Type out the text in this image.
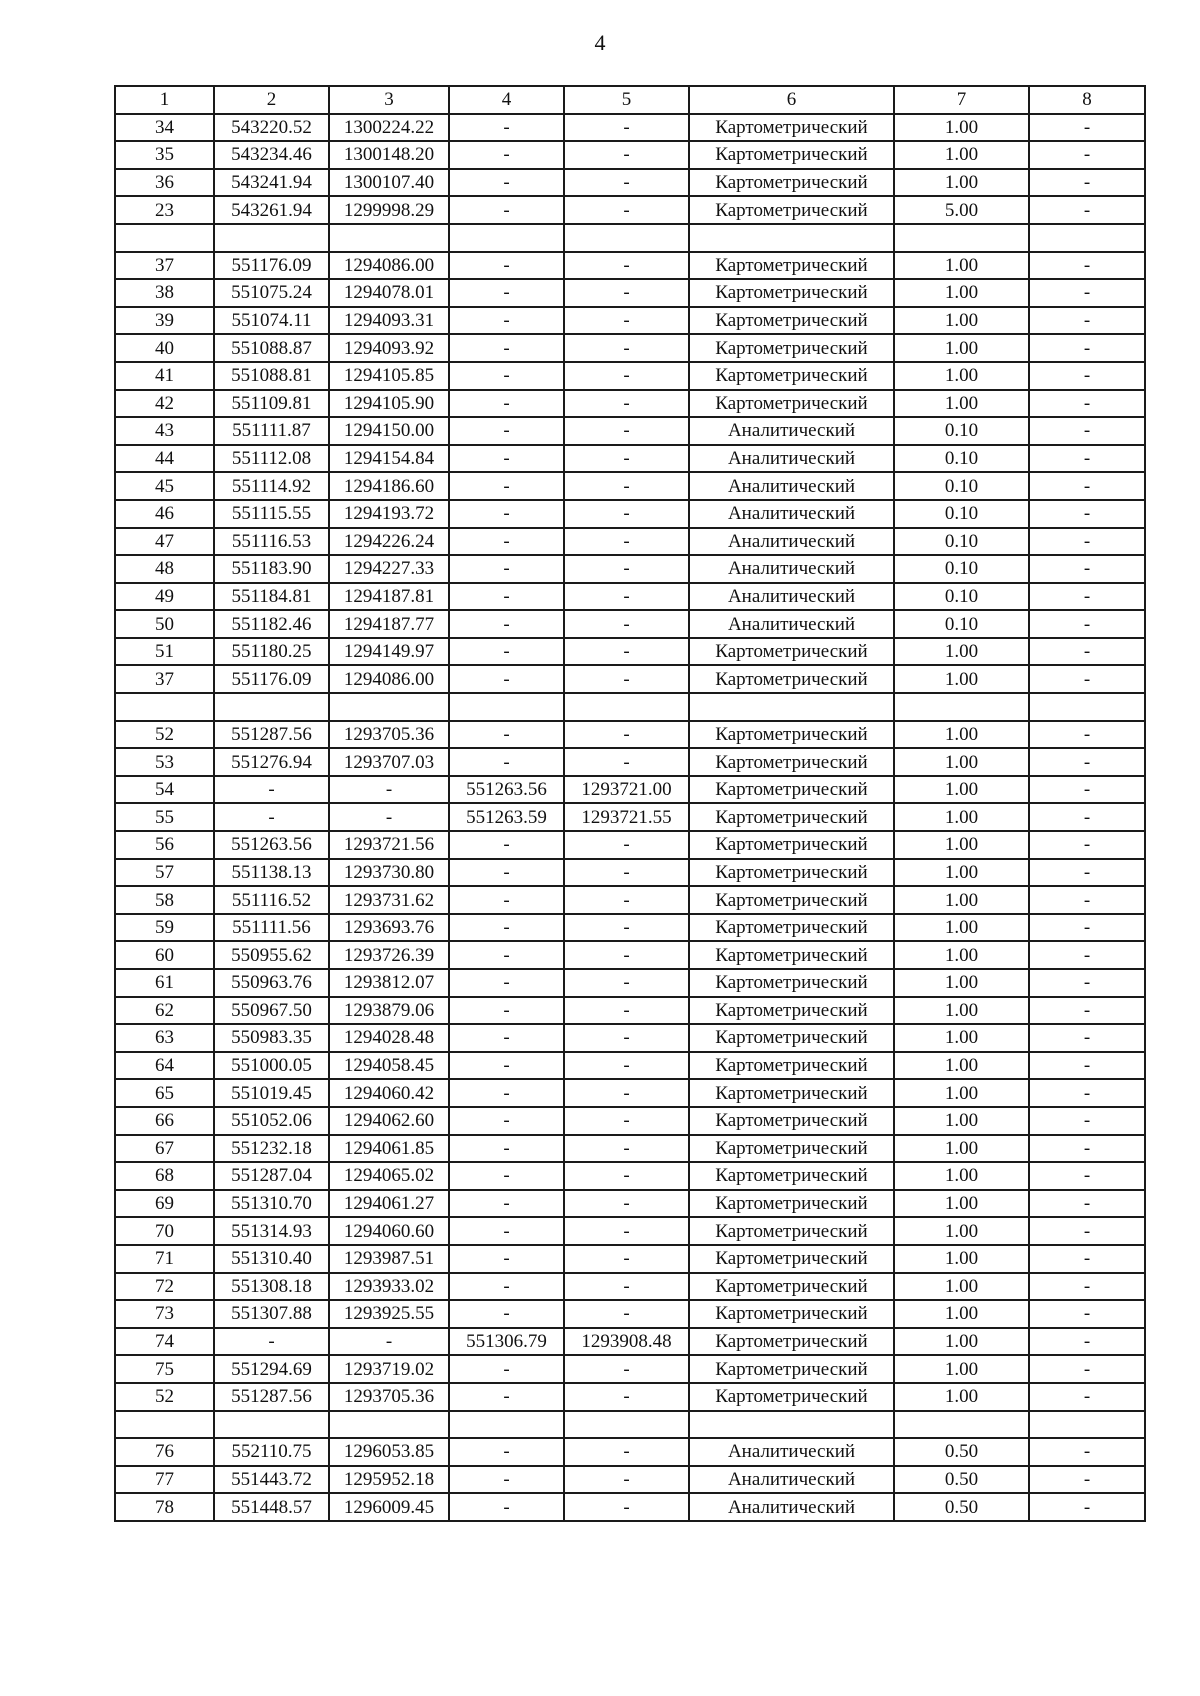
4
1	2	3	4	5	6	7	8
34	543220.52	1300224.22	-	-	Картометрический	1.00	-
35	543234.46	1300148.20	-	-	Картометрический	1.00	-
36	543241.94	1300107.40	-	-	Картометрический	1.00	-
23	543261.94	1299998.29	-	-	Картометрический	5.00	-

37	551176.09	1294086.00	-	-	Картометрический	1.00	-
38	551075.24	1294078.01	-	-	Картометрический	1.00	-
39	551074.11	1294093.31	-	-	Картометрический	1.00	-
40	551088.87	1294093.92	-	-	Картометрический	1.00	-
41	551088.81	1294105.85	-	-	Картометрический	1.00	-
42	551109.81	1294105.90	-	-	Картометрический	1.00	-
43	551111.87	1294150.00	-	-	Аналитический	0.10	-
44	551112.08	1294154.84	-	-	Аналитический	0.10	-
45	551114.92	1294186.60	-	-	Аналитический	0.10	-
46	551115.55	1294193.72	-	-	Аналитический	0.10	-
47	551116.53	1294226.24	-	-	Аналитический	0.10	-
48	551183.90	1294227.33	-	-	Аналитический	0.10	-
49	551184.81	1294187.81	-	-	Аналитический	0.10	-
50	551182.46	1294187.77	-	-	Аналитический	0.10	-
51	551180.25	1294149.97	-	-	Картометрический	1.00	-
37	551176.09	1294086.00	-	-	Картометрический	1.00	-

52	551287.56	1293705.36	-	-	Картометрический	1.00	-
53	551276.94	1293707.03	-	-	Картометрический	1.00	-
54	-	-	551263.56	1293721.00	Картометрический	1.00	-
55	-	-	551263.59	1293721.55	Картометрический	1.00	-
56	551263.56	1293721.56	-	-	Картометрический	1.00	-
57	551138.13	1293730.80	-	-	Картометрический	1.00	-
58	551116.52	1293731.62	-	-	Картометрический	1.00	-
59	551111.56	1293693.76	-	-	Картометрический	1.00	-
60	550955.62	1293726.39	-	-	Картометрический	1.00	-
61	550963.76	1293812.07	-	-	Картометрический	1.00	-
62	550967.50	1293879.06	-	-	Картометрический	1.00	-
63	550983.35	1294028.48	-	-	Картометрический	1.00	-
64	551000.05	1294058.45	-	-	Картометрический	1.00	-
65	551019.45	1294060.42	-	-	Картометрический	1.00	-
66	551052.06	1294062.60	-	-	Картометрический	1.00	-
67	551232.18	1294061.85	-	-	Картометрический	1.00	-
68	551287.04	1294065.02	-	-	Картометрический	1.00	-
69	551310.70	1294061.27	-	-	Картометрический	1.00	-
70	551314.93	1294060.60	-	-	Картометрический	1.00	-
71	551310.40	1293987.51	-	-	Картометрический	1.00	-
72	551308.18	1293933.02	-	-	Картометрический	1.00	-
73	551307.88	1293925.55	-	-	Картометрический	1.00	-
74	-	-	551306.79	1293908.48	Картометрический	1.00	-
75	551294.69	1293719.02	-	-	Картометрический	1.00	-
52	551287.56	1293705.36	-	-	Картометрический	1.00	-

76	552110.75	1296053.85	-	-	Аналитический	0.50	-
77	551443.72	1295952.18	-	-	Аналитический	0.50	-
78	551448.57	1296009.45	-	-	Аналитический	0.50	-
